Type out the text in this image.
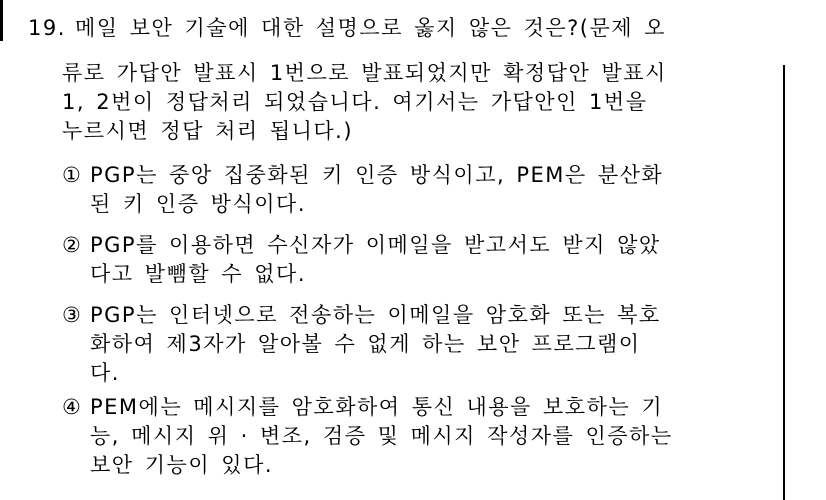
19. 메일 보안 기술에 대한 설명으로 옳지 않은 것은?(문제 오
류로 가답안 발표시 1번으로 발표되었지만 확정답안 발표시
1, 2번이 정답처리 되었습니다. 여기서는 가답안인 1번을
누르시면 정답 처리 됩니다.)
① PGP는 중앙 집중화된 키 인증 방식이고, PEM은 분산화
된 키 인증 방식이다.
② PGP를 이용하면 수신자가 이메일을 받고서도 받지 않았
다고 발뺌할 수 없다.
③ PGP는 인터넷으로 전송하는 이메일을 암호화 또는 복호
화하여 제3자가 알아볼 수 없게 하는 보안 프로그램이
다.
④ PEM에는 메시지를 암호화하여 통신 내용을 보호하는 기
능, 메시지 위 · 변조, 검증 및 메시지 작성자를 인증하는
보안 기능이 있다.
